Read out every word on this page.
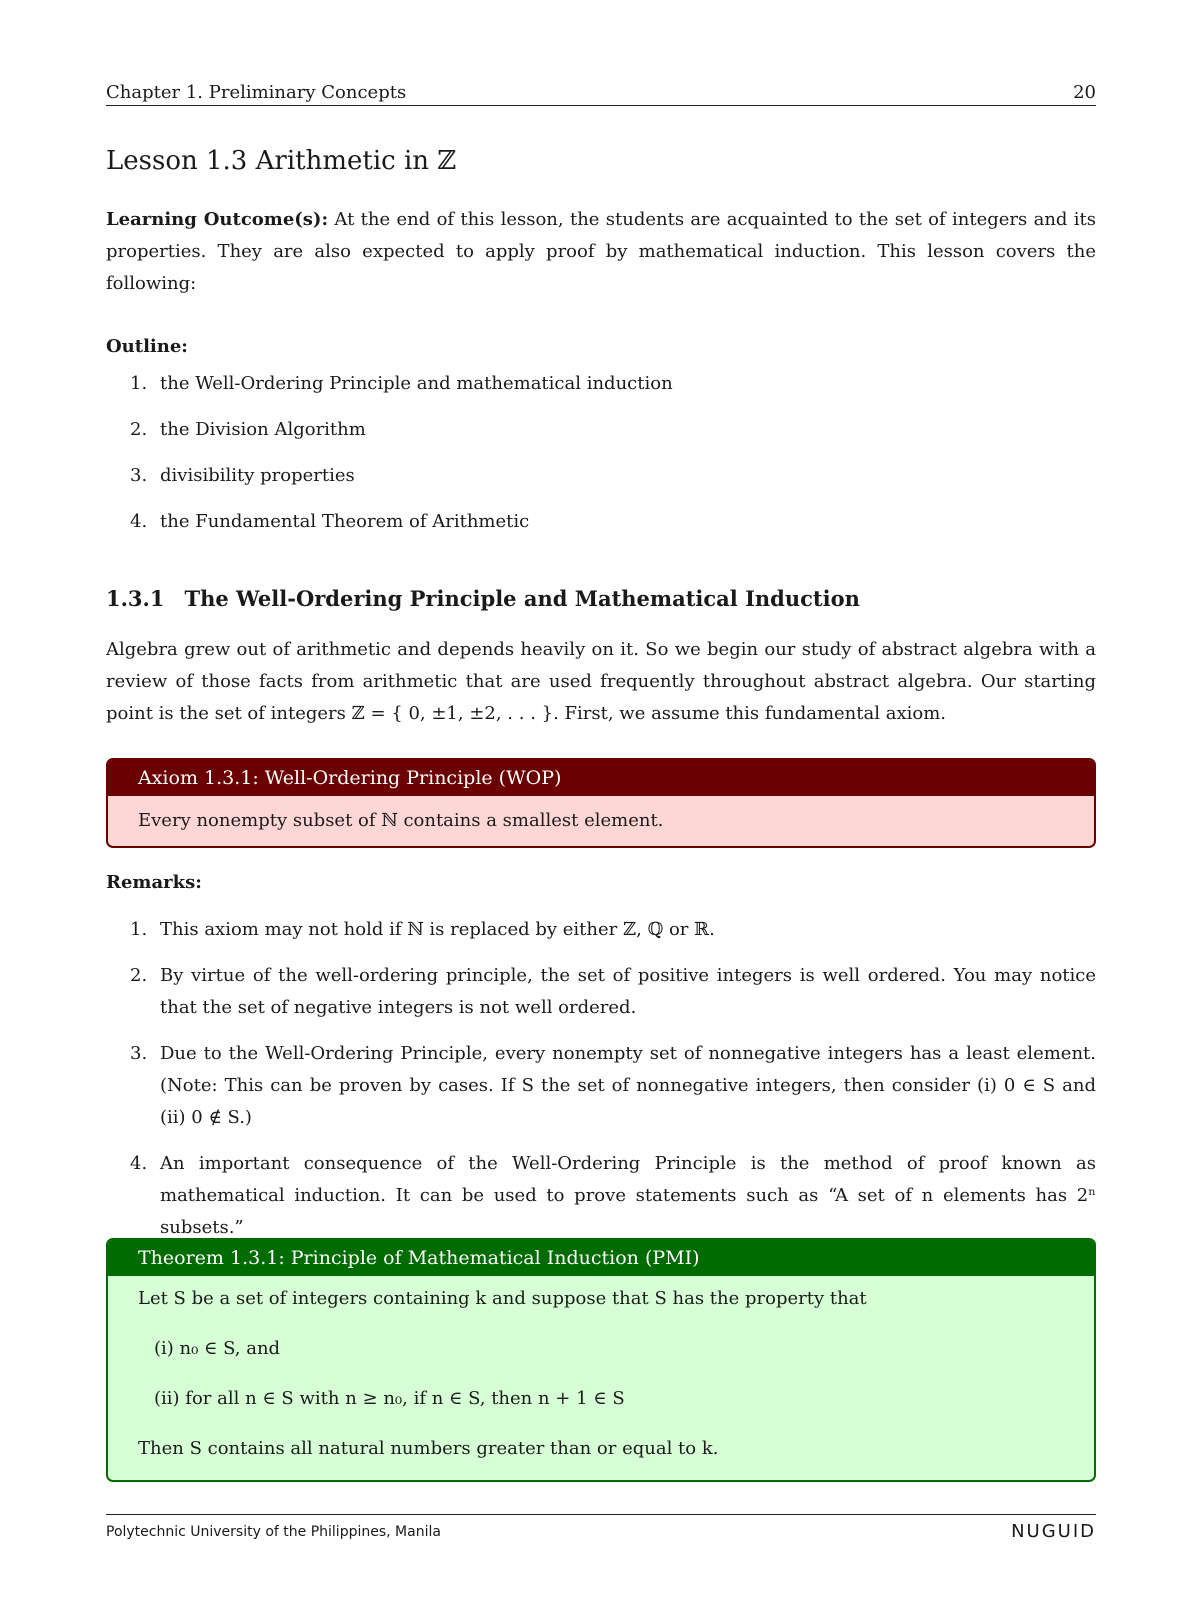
Chapter 1. Preliminary Concepts	20
Lesson 1.3 Arithmetic in ℤ

Learning Outcome(s): At the end of this lesson, the students are acquainted to the set of integers and its properties. They are also expected to apply proof by mathematical induction. This lesson covers the following:

Outline:
1. the Well-Ordering Principle and mathematical induction
2. the Division Algorithm
3. divisibility properties
4. the Fundamental Theorem of Arithmetic
1.3.1 The Well-Ordering Principle and Mathematical Induction

Algebra grew out of arithmetic and depends heavily on it. So we begin our study of abstract algebra with a review of those facts from arithmetic that are used frequently throughout abstract algebra. Our starting point is the set of integers ℤ = { 0, ±1, ±2, . . . }. First, we assume this fundamental axiom.

Axiom 1.3.1: Well-Ordering Principle (WOP)
Every nonempty subset of ℕ contains a smallest element.
Remarks:
1. This axiom may not hold if ℕ is replaced by either ℤ, ℚ or ℝ.
2. By virtue of the well-ordering principle, the set of positive integers is well ordered. You may notice that the set of negative integers is not well ordered.
3. Due to the Well-Ordering Principle, every nonempty set of nonnegative integers has a least element. (Note: This can be proven by cases. If S the set of nonnegative integers, then consider (i) 0 ∈ S and (ii) 0 ∉ S.)
4. An important consequence of the Well-Ordering Principle is the method of proof known as mathematical induction. It can be used to prove statements such as “A set of n elements has 2ⁿ subsets.”
Theorem 1.3.1: Principle of Mathematical Induction (PMI)

Let S be a set of integers containing k and suppose that S has the property that

(i) n₀ ∈ S, and
(ii) for all n ∈ S with n ≥ n₀, if n ∈ S, then n + 1 ∈ S

Then S contains all natural numbers greater than or equal to k.

Polytechnic University of the Philippines, Manila	NUGUID
